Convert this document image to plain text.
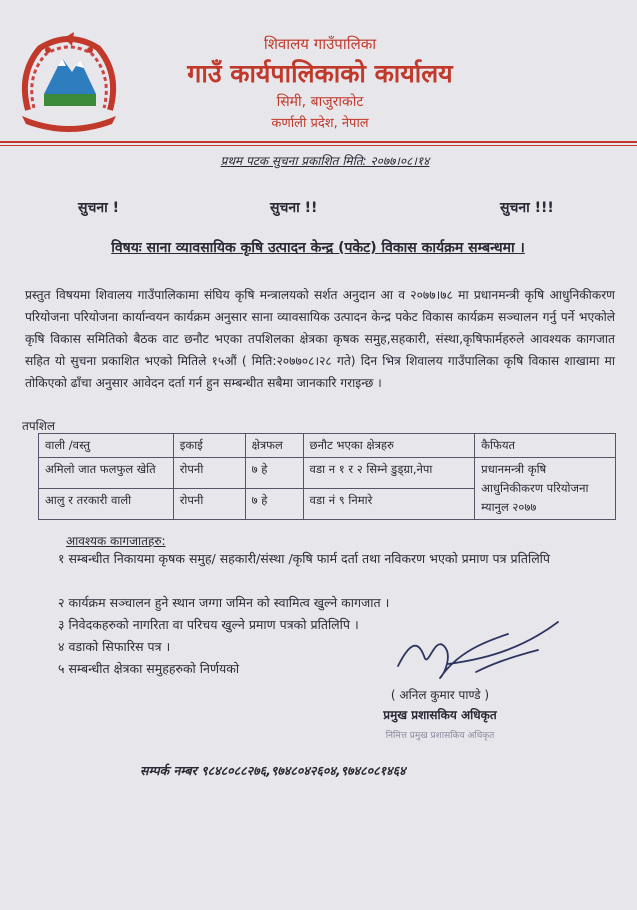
शिवालय गाउँपालिका
गाउँ कार्यपालिकाको कार्यालय
सिमी, बाजुराकोट
कर्णाली प्रदेश, नेपाल
प्रथम पटक सुचना प्रकाशित मिति: २०७७।०८।१४
सुचना !	सुचना !!	सुचना !!!
विषयः साना व्यावसायिक कृषि उत्पादन केन्द्र (पकेट) विकास कार्यक्रम सम्बन्धमा ।
प्रस्तुत विषयमा शिवालय गाउँपालिकामा संघिय कृषि मन्त्रालयको सर्शत अनुदान आ व २०७७।७८ मा प्रधानमन्त्री कृषि आधुनिकीकरण परियोजना परियोजना कार्यान्वयन कार्यक्रम अनुसार साना व्यावसायिक उत्पादन केन्द्र पकेट विकास कार्यक्रम सञ्चालन गर्नु पर्ने भएकोले कृषि विकास समितिको बैठक वाट छनौट भएका तपशिलका क्षेत्रका कृषक समुह,सहकारी, संस्था,कृषिफार्महरुले आवश्यक कागजात सहित यो सुचना प्रकाशित भएको मितिले १५औं ( मिति:२०७७०८।२८ गते) दिन भित्र शिवालय गाउँपालिका कृषि विकास शाखामा मा तोकिएको ढाँचा अनुसार आवेदन दर्ता गर्न हुन सम्बन्धीत सबैमा जानकारि गराइन्छ ।
तपशिल
वाली /वस्तु	इकाई	क्षेत्रफल	छनौट भएका क्षेत्रहरु	कैफियत
अमिलो जात फलफुल खेति	रोपनी	७ हे	वडा न १ र २ सिम्ने डुड्ग्रा,नेपा	प्रधानमन्त्री कृषि आधुनिकीकरण परियोजना म्यानुल २०७७
आलु र तरकारी वाली	रोपनी	७ हे	वडा नं ९ निमारे	
आवश्यक कागजातहरु:
१ सम्बन्धीत निकायमा कृषक समुह/ सहकारी/संस्था /कृषि फार्म दर्ता तथा नविकरण भएको प्रमाण पत्र प्रतिलिपि
२ कार्यक्रम सञ्चालन हुने स्थान जग्गा जमिन को स्वामित्व खुल्ने कागजात ।
३ निवेदकहरुको नागरिता वा परिचय खुल्ने प्रमाण पत्रको प्रतिलिपि ।
४ वडाको सिफारिस पत्र ।
५ सम्बन्धीत क्षेत्रका समुहहरुको निर्णयको
( अनिल कुमार पाण्डे )
प्रमुख प्रशासकिय अधिकृत
निमित्त प्रमुख प्रशासकिय अधिकृत
सम्पर्क नम्बर ९८४८०८८२७६,९७४८०४२६०४,९७४८०८१४६४
